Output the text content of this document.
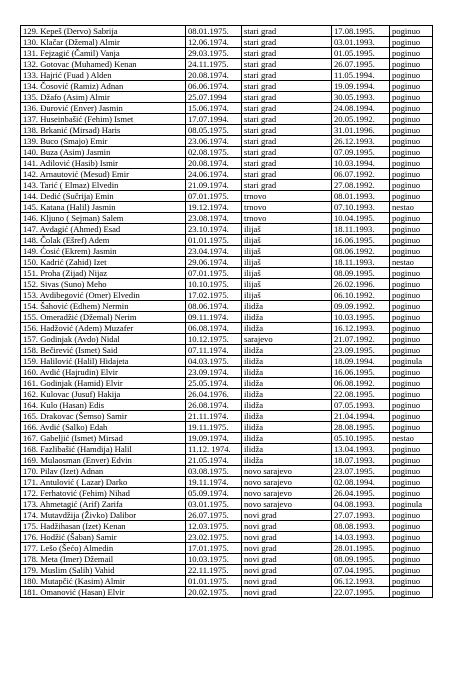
129. Kepeš (Dervo) Sabrija	08.01.1975.	stari grad	17.08.1995.	poginuo
130. Klačar (Džemal) Almir	12.06.1974.	stari grad	03.01.1993.	poginuo
131. Fejzagić (Čamil) Vanja	29.03.1975.	stari grad	01.05.1995.	poginuo
132. Gotovac (Muhamed) Kenan	24.11.1975.	stari grad	26.07.1995.	poginuo
133. Hajrić (Fuad ) Alden	20.08.1974.	stari grad	11.05.1994.	poginuo
134. Čosović (Ramiz) Adnan	06.06.1974.	stari grad	19.09.1994.	poginuo
135. Džafo (Asim) Almir	25.07.1994	stari grad	30.05.1993.	poginuo
136. Đurović (Enver) Jasmin	15.06.1974.	stari grad	24.08.1994.	poginuo
137. Huseinbašić (Fehim) Ismet	17.07.1994.	stari grad	20.05.1992.	poginuo
138. Brkanić (Mirsad) Haris	08.05.1975.	stari grad	31.01.1996.	poginuo
139. Buco (Smajo) Emir	23.06.1974.	stari grad	26.12.1993.	poginuo
140. Buza (Asim) Jasmin	02.08.1975.	stari grad	07.09.1995.	poginuo
141. Adilović (Hasib) Ismir	20.08.1974.	stari grad	10.03.1994.	poginuo
142. Arnautović (Mesud) Emir	24.06.1974.	stari grad	06.07.1992.	poginuo
143. Tarić ( Elmaz) Elvedin	21.09.1974.	stari grad	27.08.1992.	poginuo
144. Dedić (Sučrija) Emin	07.01.1975.	trnovo	08.01.1993.	poginuo
145. Katana (Halil) Jasmin	19.12.1974.	trnovo	07.10.1993.	nestao
146. Kljuno ( Sejman) Salem	23.08.1974.	trnovo	10.04.1995.	poginuo
147. Avdagić (Ahmed) Esad	23.10.1974.	ilijaš	18.11.1993.	poginuo
148. Čolak (Ešref) Adem	01.01.1975.	ilijaš	16.06.1995.	poginuo
149. Ćosić (Ekrem) Jasmin	23.04.1974.	ilijaš	08.06.1992.	poginuo
150. Kadrić (Zahid) Izet	29.06.1974.	ilijaš	18.11.1993.	nestao
151. Proha (Zijad) Nijaz	07.01.1975.	ilijaš	08.09.1995.	poginuo
152. Sivas (Suno) Meho	10.10.1975.	ilijaš	26.02.1996.	poginuo
153. Avdibegović (Omer) Elvedin	17.02.1975.	ilijaš	06.10.1992.	poginuo
154. Šahović (Edhem) Nermin	08.06.1974.	ilidža	09.09.1992.	poginuo
155. Omeradžić (Džemal) Nerim	09.11.1974.	ilidža	10.03.1995.	poginuo
156. Hadžović (Adem) Muzafer	06.08.1974.	ilidža	16.12.1993.	poginuo
157. Godinjak (Avdo) Nidal	10.12.1975.	sarajevo	21.07.1992.	poginuo
158. Bečirević (Ismet) Said	07.11.1974.	ilidža	23.09.1995.	poginuo
159. Halilović (Halil) Hidajeta	04.03.1975.	ilidža	18.09.1994.	poginula
160. Avdić (Hajrudin) Elvir	23.09.1974.	ilidža	16.06.1995.	poginuo
161. Godinjak (Hamid) Elvir	25.05.1974.	ilidža	06.08.1992.	poginuo
162. Kulovac (Jusuf) Hakija	26.04.1976.	ilidža	22.08.1995.	poginuo
164. Kulo (Hasan) Edis	26.08.1974.	ilidža	07.05.1993.	poginuo
165. Drakovac (Šemso) Samir	21.11.1974.	ilidža	21.04.1994.	poginuo
166. Avdić (Salko) Edah	19.11.1975.	ilidža	28.08.1995.	poginuo
167. Gabeljić (Ismet) Mirsad	19.09.1974.	ilidža	05.10.1995.	nestao
168. Fazlibašić (Hamdija) Halil	11.12. 1974.	ilidža	13.04.1993.	poginuo
169. Mulaosman (Enver) Edvin	21.05.1974.	ilidža	18.07.1993.	poginuo
170. Pilav (Izet) Adnan	03.08.1975.	novo sarajevo	23.07.1995.	poginuo
171. Antulović ( Lazar) Darko	19.11.1974.	novo sarajevo	02.08.1994.	poginuo
172. Ferhatović (Fehim) Nihad	05.09.1974.	novo sarajevo	26.04.1995.	poginuo
173. Ahmetagić (Arif) Zarifa	03.01.1975.	novo sarajevo	04.08.1993.	poginula
174. Mutavdžija (Živko) Dalibor	26.07.1975.	novi grad	27.07.1993.	poginuo
175. Hadžihasan (Izet) Kenan	12.03.1975.	novi grad	08.08.1993.	poginuo
176. Hodžić (Šaban) Samir	23.02.1975.	novi grad	14.03.1993.	poginuo
177. Lešo (Šećo) Almedin	17.01.1975.	novi grad	28.01.1995.	poginuo
178. Meta (Imer) Džemail	10.03.1975.	novi grad	08.09.1995.	poginuo
179. Muslim (Salih) Vahid	22.11.1975.	novi grad	07.04.1995.	poginuo
180. Mutapčić (Kasim) Almir	01.01.1975.	novi grad	06.12.1993.	poginuo
181. Omanović (Hasan) Elvir	20.02.1975.	novi grad	22.07.1995.	poginuo
